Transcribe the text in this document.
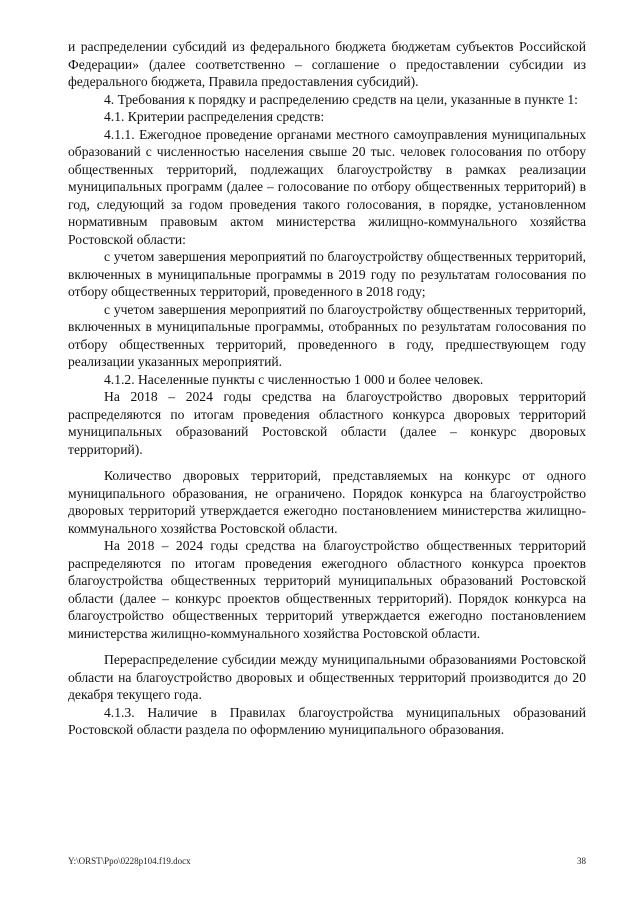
и распределении субсидий из федерального бюджета бюджетам субъектов Российской Федерации» (далее соответственно – соглашение о предоставлении субсидии из федерального бюджета, Правила предоставления субсидий).

4. Требования к порядку и распределению средств на цели, указанные в пункте 1:

4.1. Критерии распределения средств:

4.1.1. Ежегодное проведение органами местного самоуправления муниципальных образований с численностью населения свыше 20 тыс. человек голосования по отбору общественных территорий, подлежащих благоустройству в рамках реализации муниципальных программ (далее – голосование по отбору общественных территорий) в год, следующий за годом проведения такого голосования, в порядке, установленном нормативным правовым актом министерства жилищно-коммунального хозяйства Ростовской области:

с учетом завершения мероприятий по благоустройству общественных территорий, включенных в муниципальные программы в 2019 году по результатам голосования по отбору общественных территорий, проведенного в 2018 году;

с учетом завершения мероприятий по благоустройству общественных территорий, включенных в муниципальные программы, отобранных по результатам голосования по отбору общественных территорий, проведенного в году, предшествующем году реализации указанных мероприятий.

4.1.2. Населенные пункты с численностью 1 000 и более человек.

На 2018 – 2024 годы средства на благоустройство дворовых территорий распределяются по итогам проведения областного конкурса дворовых территорий муниципальных образований Ростовской области (далее – конкурс дворовых территорий).

Количество дворовых территорий, представляемых на конкурс от одного муниципального образования, не ограничено. Порядок конкурса на благоустройство дворовых территорий утверждается ежегодно постановлением министерства жилищно-коммунального хозяйства Ростовской области.

На 2018 – 2024 годы средства на благоустройство общественных территорий распределяются по итогам проведения ежегодного областного конкурса проектов благоустройства общественных территорий муниципальных образований Ростовской области (далее – конкурс проектов общественных территорий). Порядок конкурса на благоустройство общественных территорий утверждается ежегодно постановлением министерства жилищно-коммунального хозяйства Ростовской области.

Перераспределение субсидии между муниципальными образованиями Ростовской области на благоустройство дворовых и общественных территорий производится до 20 декабря текущего года.

4.1.3. Наличие в Правилах благоустройства муниципальных образований Ростовской области раздела по оформлению муниципального образования.

Y:\ORST\Ppo\0228p104.f19.docx	38
